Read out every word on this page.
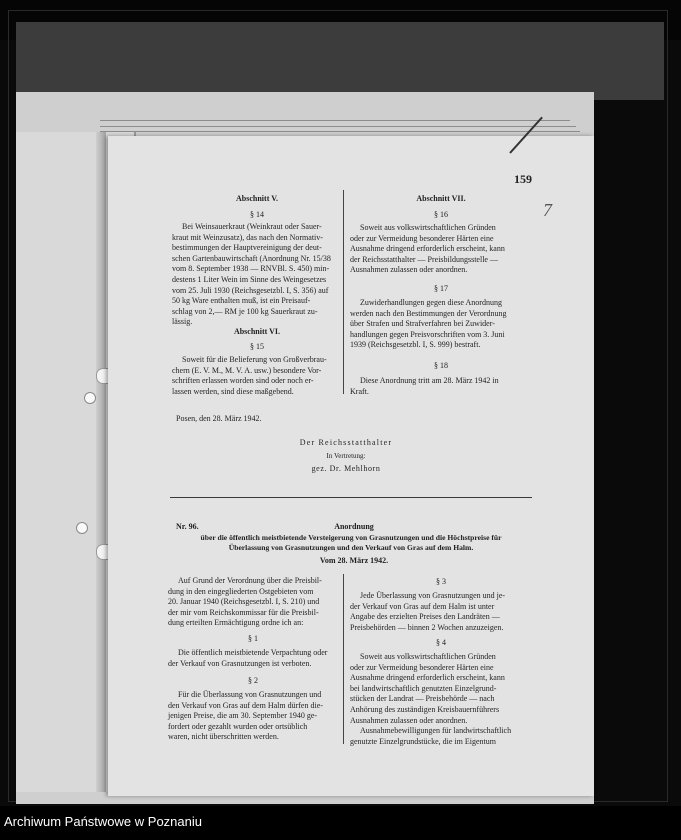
159
7
Abschnitt V.
§ 14
Bei Weinsauerkraut (Weinkraut oder Sauer-
kraut mit Weinzusatz), das nach den Normativ-
bestimmungen der Hauptvereinigung der deut-
schen Gartenbauwirtschaft (Anordnung Nr. 15/38
vom 8. September 1938 — RNVBl. S. 450) min-
destens 1 Liter Wein im Sinne des Weingesetzes
vom 25. Juli 1930 (Reichsgesetzbl. I, S. 356) auf
50 kg Ware enthalten muß, ist ein Preisauf-
schlag von 2,— RM je 100 kg Sauerkraut zu-
lässig.
Abschnitt VI.
§ 15
Soweit für die Belieferung von Großverbrau-
chern (E. V. M., M. V. A. usw.) besondere Vor-
schriften erlassen worden sind oder noch er-
lassen werden, sind diese maßgebend.
Abschnitt VII.
§ 16
Soweit aus volkswirtschaftlichen Gründen
oder zur Vermeidung besonderer Härten eine
Ausnahme dringend erforderlich erscheint, kann
der Reichsstatthalter — Preisbildungsstelle —
Ausnahmen zulassen oder anordnen.
§ 17
Zuwiderhandlungen gegen diese Anordnung
werden nach den Bestimmungen der Verordnung
über Strafen und Strafverfahren bei Zuwider-
handlungen gegen Preisvorschriften vom 3. Juni
1939 (Reichsgesetzbl. I, S. 999) bestraft.
§ 18
Diese Anordnung tritt am 28. März 1942 in
Kraft.
Posen, den 28. März 1942.
Der Reichsstatthalter
In Vertretung:
gez. Dr. Mehlhorn
Nr. 96.	Anordnung
über die öffentlich meistbietende Versteigerung von Grasnutzungen und die Höchstpreise für
Überlassung von Grasnutzungen und den Verkauf von Gras auf dem Halm.
Vom 28. März 1942.
Auf Grund der Verordnung über die Preisbil-
dung in den eingegliederten Ostgebieten vom
20. Januar 1940 (Reichsgesetzbl. I, S. 210) und
der mir vom Reichskommissar für die Preisbil-
dung erteilten Ermächtigung ordne ich an:
§ 1
Die öffentlich meistbietende Verpachtung oder
der Verkauf von Grasnutzungen ist verboten.
§ 2
Für die Überlassung von Grasnutzungen und
den Verkauf von Gras auf dem Halm dürfen die-
jenigen Preise, die am 30. September 1940 ge-
fordert oder gezahlt wurden oder ortsüblich
waren, nicht überschritten werden.
§ 3
Jede Überlassung von Grasnutzungen und je-
der Verkauf von Gras auf dem Halm ist unter
Angabe des erzielten Preises den Landräten —
Preisbehörden — binnen 2 Wochen anzuzeigen.
§ 4
Soweit aus volkswirtschaftlichen Gründen
oder zur Vermeidung besonderer Härten eine
Ausnahme dringend erforderlich erscheint, kann
bei landwirtschaftlich genutzten Einzelgrund-
stücken der Landrat — Preisbehörde — nach
Anhörung des zuständigen Kreisbauernführers
Ausnahmen zulassen oder anordnen.
Ausnahmebewilligungen für landwirtschaftlich
genutzte Einzelgrundstücke, die im Eigentum
Archiwum Państwowe w Poznaniu
